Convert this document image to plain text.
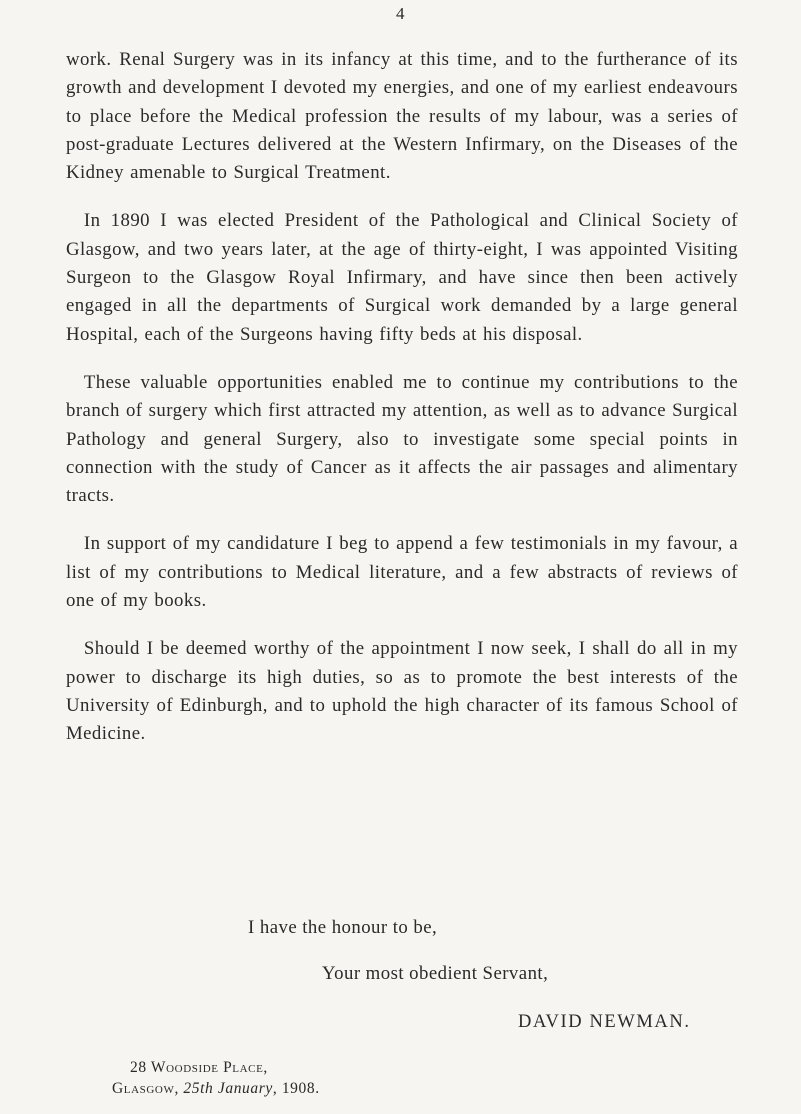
4

work. Renal Surgery was in its infancy at this time, and to the furtherance of its growth and development I devoted my energies, and one of my earliest endeavours to place before the Medical profession the results of my labour, was a series of post-graduate Lectures delivered at the Western Infirmary, on the Diseases of the Kidney amenable to Surgical Treatment.

In 1890 I was elected President of the Pathological and Clinical Society of Glasgow, and two years later, at the age of thirty-eight, I was appointed Visiting Surgeon to the Glasgow Royal Infirmary, and have since then been actively engaged in all the departments of Surgical work demanded by a large general Hospital, each of the Surgeons having fifty beds at his disposal.

These valuable opportunities enabled me to continue my contributions to the branch of surgery which first attracted my attention, as well as to advance Surgical Pathology and general Surgery, also to investigate some special points in connection with the study of Cancer as it affects the air passages and alimentary tracts.

In support of my candidature I beg to append a few testimonials in my favour, a list of my contributions to Medical literature, and a few abstracts of reviews of one of my books.

Should I be deemed worthy of the appointment I now seek, I shall do all in my power to discharge its high duties, so as to promote the best interests of the University of Edinburgh, and to uphold the high character of its famous School of Medicine.

I have the honour to be,
Your most obedient Servant,
DAVID NEWMAN.
28 Woodside Place,
Glasgow, 25th January, 1908.
